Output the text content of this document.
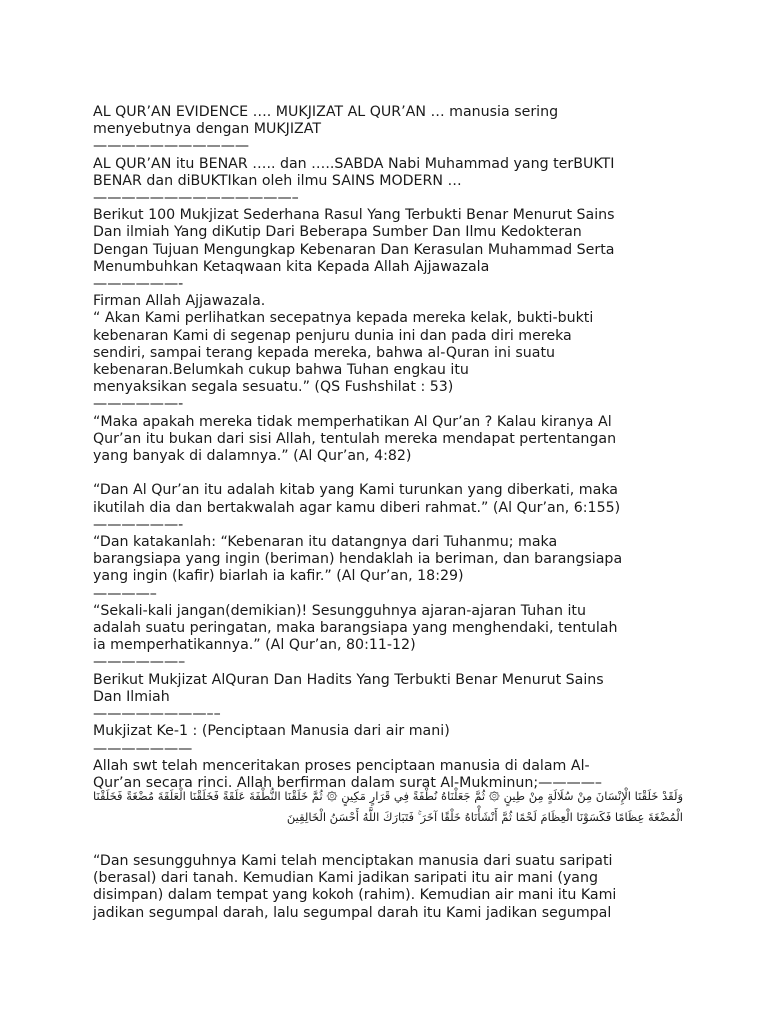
AL QUR’AN EVIDENCE …. MUKJIZAT AL QUR’AN … manusia sering
menyebutnya dengan MUKJIZAT

———————————

AL QUR’AN itu BENAR ….. dan …..SABDA Nabi Muhammad yang terBUKTI
BENAR dan diBUKTIkan oleh ilmu SAINS MODERN …

——————————————–

Berikut 100 Mukjizat Sederhana Rasul Yang Terbukti Benar Menurut Sains
Dan ilmiah Yang diKutip Dari Beberapa Sumber Dan Ilmu Kedokteran
Dengan Tujuan Mengungkap Kebenaran Dan Kerasulan Muhammad Serta
Menumbuhkan Ketaqwaan kita Kepada Allah Ajjawazala

——————-

Firman Allah Ajjawazala.
“ Akan Kami perlihatkan secepatnya kepada mereka kelak, bukti-bukti
kebenaran Kami di segenap penjuru dunia ini dan pada diri mereka
sendiri, sampai terang kepada mereka, bahwa al-Quran ini suatu
kebenaran.Belumkah cukup bahwa Tuhan engkau itu
menyaksikan segala sesuatu.” (QS Fushshilat : 53)

——————-

“Maka apakah mereka tidak memperhatikan Al Qur’an ? Kalau kiranya Al
Qur’an itu bukan dari sisi Allah, tentulah mereka mendapat pertentangan
yang banyak di dalamnya.” (Al Qur’an, 4:82)

“Dan Al Qur’an itu adalah kitab yang Kami turunkan yang diberkati, maka
ikutilah dia dan bertakwalah agar kamu diberi rahmat.” (Al Qur’an, 6:155)

——————-

“Dan katakanlah: “Kebenaran itu datangnya dari Tuhanmu; maka
barangsiapa yang ingin (beriman) hendaklah ia beriman, dan barangsiapa
yang ingin (kafir) biarlah ia kafir.” (Al Qur’an, 18:29)

————–

“Sekali-kali jangan(demikian)! Sesungguhnya ajaran-ajaran Tuhan itu
adalah suatu peringatan, maka barangsiapa yang menghendaki, tentulah
ia memperhatikannya.” (Al Qur’an, 80:11-12)

——————–

Berikut Mukjizat AlQuran Dan Hadits Yang Terbukti Benar Menurut Sains
Dan Ilmiah

————————––

Mukjizat Ke-1 : (Penciptaan Manusia dari air mani)

———————

Allah swt telah menceritakan proses penciptaan manusia di dalam Al-
Qur’an secara rinci. Allah berfirman dalam surat Al-Mukminun;————–

وَلَقَدْ خَلَقْنَا الْإِنْسَانَ مِنْ سُلَالَةٍ مِنْ طِينٍ ۞ ثُمَّ جَعَلْنَاهُ نُطْفَةً فِي قَرَارٍ مَكِينٍ ۞ ثُمَّ خَلَقْنَا النُّطْفَةَ عَلَقَةً فَخَلَقْنَا الْعَلَقَةَ مُضْغَةً فَخَلَقْنَا الْمُضْغَةَ عِظَامًا فَكَسَوْنَا الْعِظَامَ لَحْمًا ثُمَّ أَنْشَأْنَاهُ خَلْقًا آخَرَ ۚ فَتَبَارَكَ اللَّهُ أَحْسَنُ الْخَالِقِينَ

“Dan sesungguhnya Kami telah menciptakan manusia dari suatu saripati
(berasal) dari tanah. Kemudian Kami jadikan saripati itu air mani (yang
disimpan) dalam tempat yang kokoh (rahim). Kemudian air mani itu Kami
jadikan segumpal darah, lalu segumpal darah itu Kami jadikan segumpal
